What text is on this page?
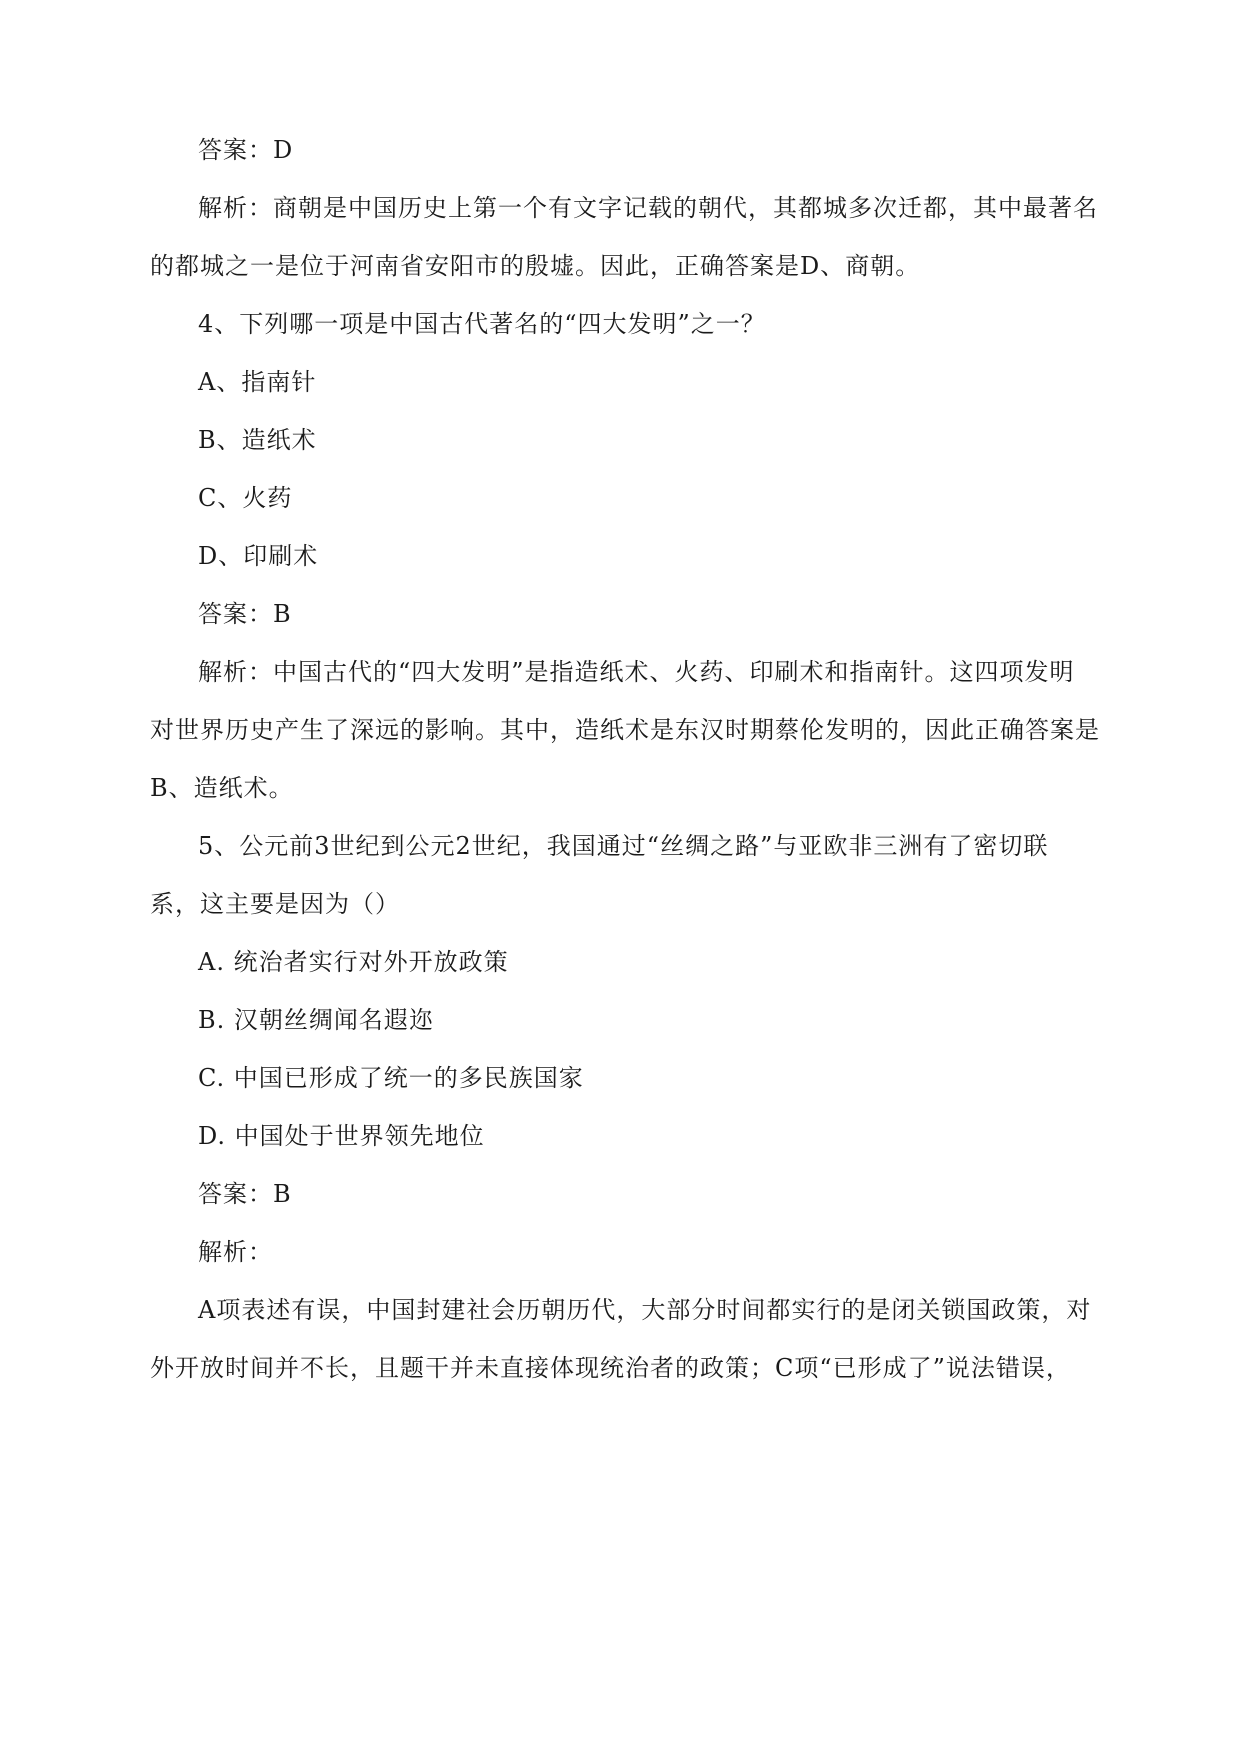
答案：D
解析：商朝是中国历史上第一个有文字记载的朝代，其都城多次迁都，其中最著名
的都城之一是位于河南省安阳市的殷墟。因此，正确答案是D、商朝。
4、下列哪一项是中国古代著名的“四大发明”之一？
A、指南针
B、造纸术
C、火药
D、印刷术
答案：B
解析：中国古代的“四大发明”是指造纸术、火药、印刷术和指南针。这四项发明
对世界历史产生了深远的影响。其中，造纸术是东汉时期蔡伦发明的，因此正确答案是
B、造纸术。
5、公元前3世纪到公元2世纪，我国通过“丝绸之路”与亚欧非三洲有了密切联
系，这主要是因为（）
A. 统治者实行对外开放政策
B. 汉朝丝绸闻名遐迩
C. 中国已形成了统一的多民族国家
D. 中国处于世界领先地位
答案：B
解析：
A项表述有误，中国封建社会历朝历代，大部分时间都实行的是闭关锁国政策，对
外开放时间并不长，且题干并未直接体现统治者的政策；C项“已形成了”说法错误，
